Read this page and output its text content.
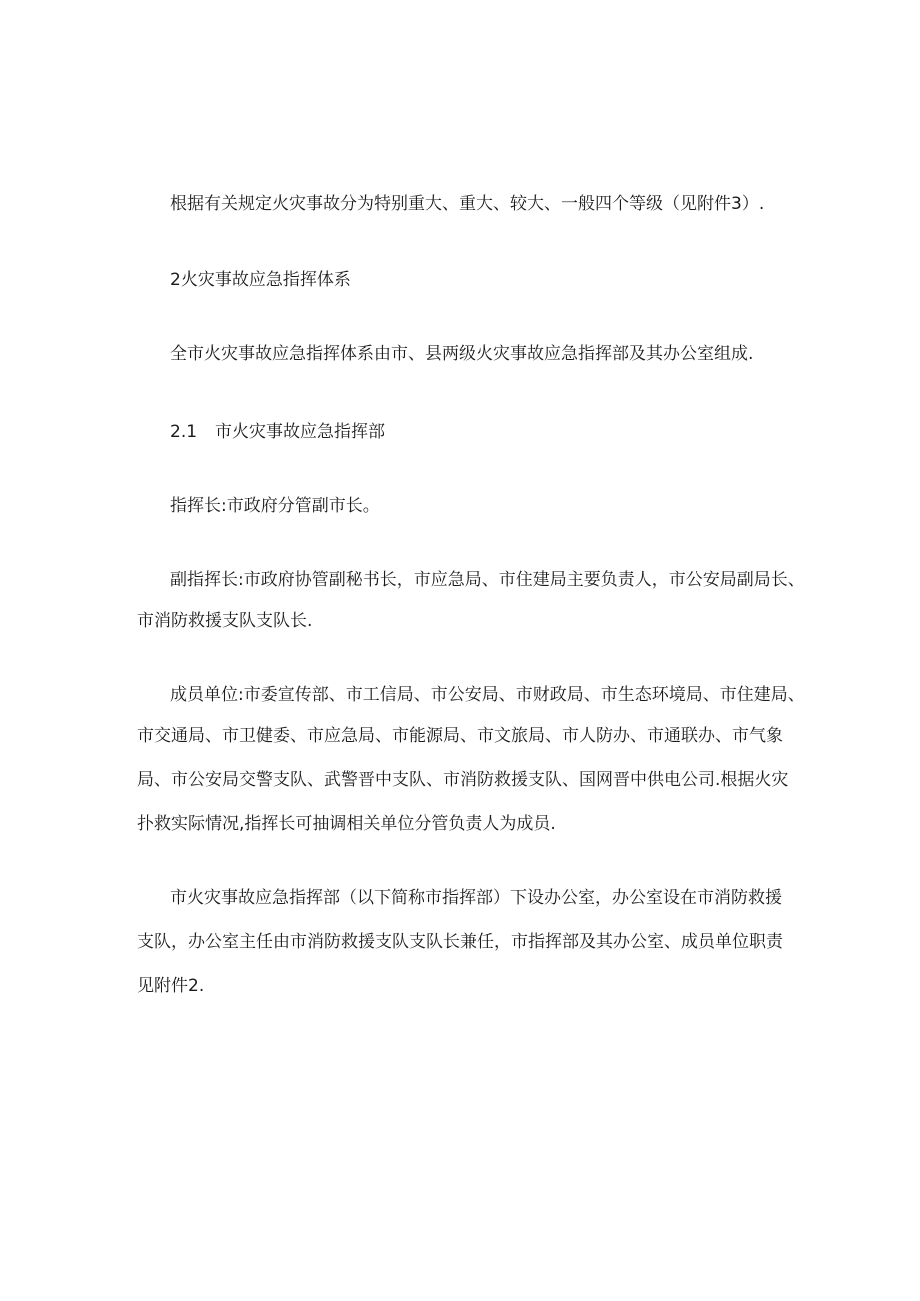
根据有关规定火灾事故分为特别重大、重大、较大、一般四个等级（见附件3）.

2火灾事故应急指挥体系

全市火灾事故应急指挥体系由市、县两级火灾事故应急指挥部及其办公室组成.

2.1 市火灾事故应急指挥部

指挥长:市政府分管副市长。

副指挥长:市政府协管副秘书长，市应急局、市住建局主要负责人，市公安局副局长、

市消防救援支队支队长.

成员单位:市委宣传部、市工信局、市公安局、市财政局、市生态环境局、市住建局、

市交通局、市卫健委、市应急局、市能源局、市文旅局、市人防办、市通联办、市气象

局、市公安局交警支队、武警晋中支队、市消防救援支队、国网晋中供电公司.根据火灾

扑救实际情况,指挥长可抽调相关单位分管负责人为成员.

市火灾事故应急指挥部（以下简称市指挥部）下设办公室，办公室设在市消防救援

支队，办公室主任由市消防救援支队支队长兼任，市指挥部及其办公室、成员单位职责

见附件2.
